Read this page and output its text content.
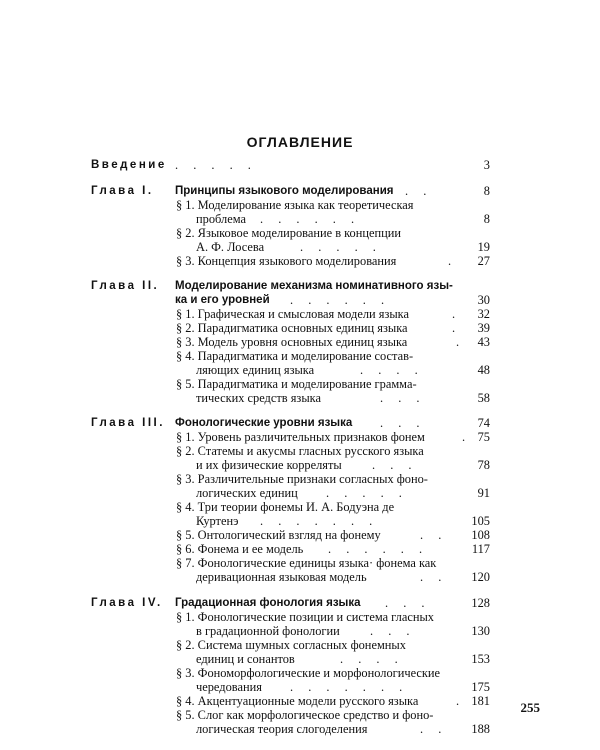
ОГЛАВЛЕНИЕ
Введение . . . . .	3
Глава I. Принципы языкового моделирования . .	8
§ 1. Моделирование языка как теоретическая
проблема . . . . . .	8
§ 2. Языковое моделирование в концепции
А. Ф. Лосева	. . . . .	19
§ 3. Концепция языкового моделирования	.	27
Глава II. Моделирование механизма номинативного язы-
ка и его уровней . . . . . .	30
§ 1. Графическая и смысловая модели языка	.	32
§ 2. Парадигматика основных единиц языка	.	39
§ 3. Модель уровня основных единиц языка	.	43
§ 4. Парадигматика и моделирование состав-
ляющих единиц языка	. . . .	48
§ 5. Парадигматика и моделирование граммa-
тических средств языка	. . .	58
Глава III. Фонологические уровни языка . . .	74
§ 1. Уровень различительных признаков фонем	. 75
§ 2. Статемы и акусмы гласных русского языка
и их физические корреляты . . .	78
§ 3. Различительные признаки согласных фоно-
логических единиц . . . . .	91
§ 4. Три теории фонемы И. А. Бодуэна де
Куртенэ . . . . . . .	105
§ 5. Онтологический взгляд на фонему	. .	108
§ 6. Фонема и ее модель . . . . . .	117
§ 7. Фонологические единицы языка· фонема как
деривационная языковая модель	. .	120
Глава IV. Градационная фонология языка . . .	128
§ 1. Фонологические позиции и система гласных
в градационной фонологии . . .	130
§ 2. Система шумных согласных фонемных
единиц и сонантов	. . . .	153
§ 3. Фономорфологические и морфонологические
чередования . . . . . . .	175
§ 4. Акцентуационные модели русского языка	. 181
§ 5. Слог как морфологическое средство и фоно-
логическая теория слогоделения	. .	188
255
